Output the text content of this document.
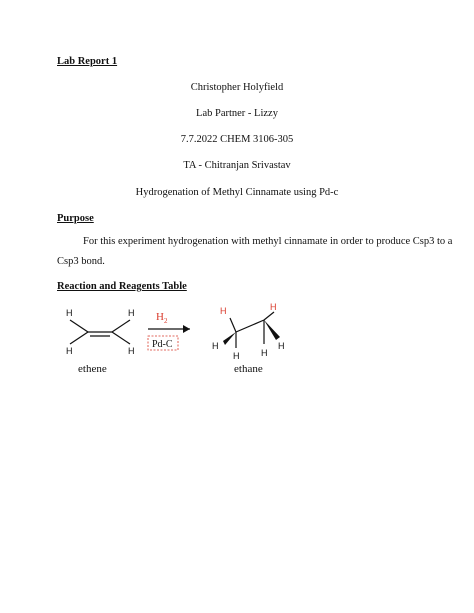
Lab Report 1
Christopher Holyfield
Lab Partner - Lizzy
7.7.2022 CHEM 3106-305
TA - Chitranjan Srivastav
Hydrogenation of Methyl Cinnamate using Pd-c
Purpose
For this experiment hydrogenation with methyl cinnamate in order to produce Csp3 to a
Csp3 bond.
Reaction and Reagents Table
H	H
H	H
ethene
$H_2$
Pd-C
H	H
H
H H
H
ethane
